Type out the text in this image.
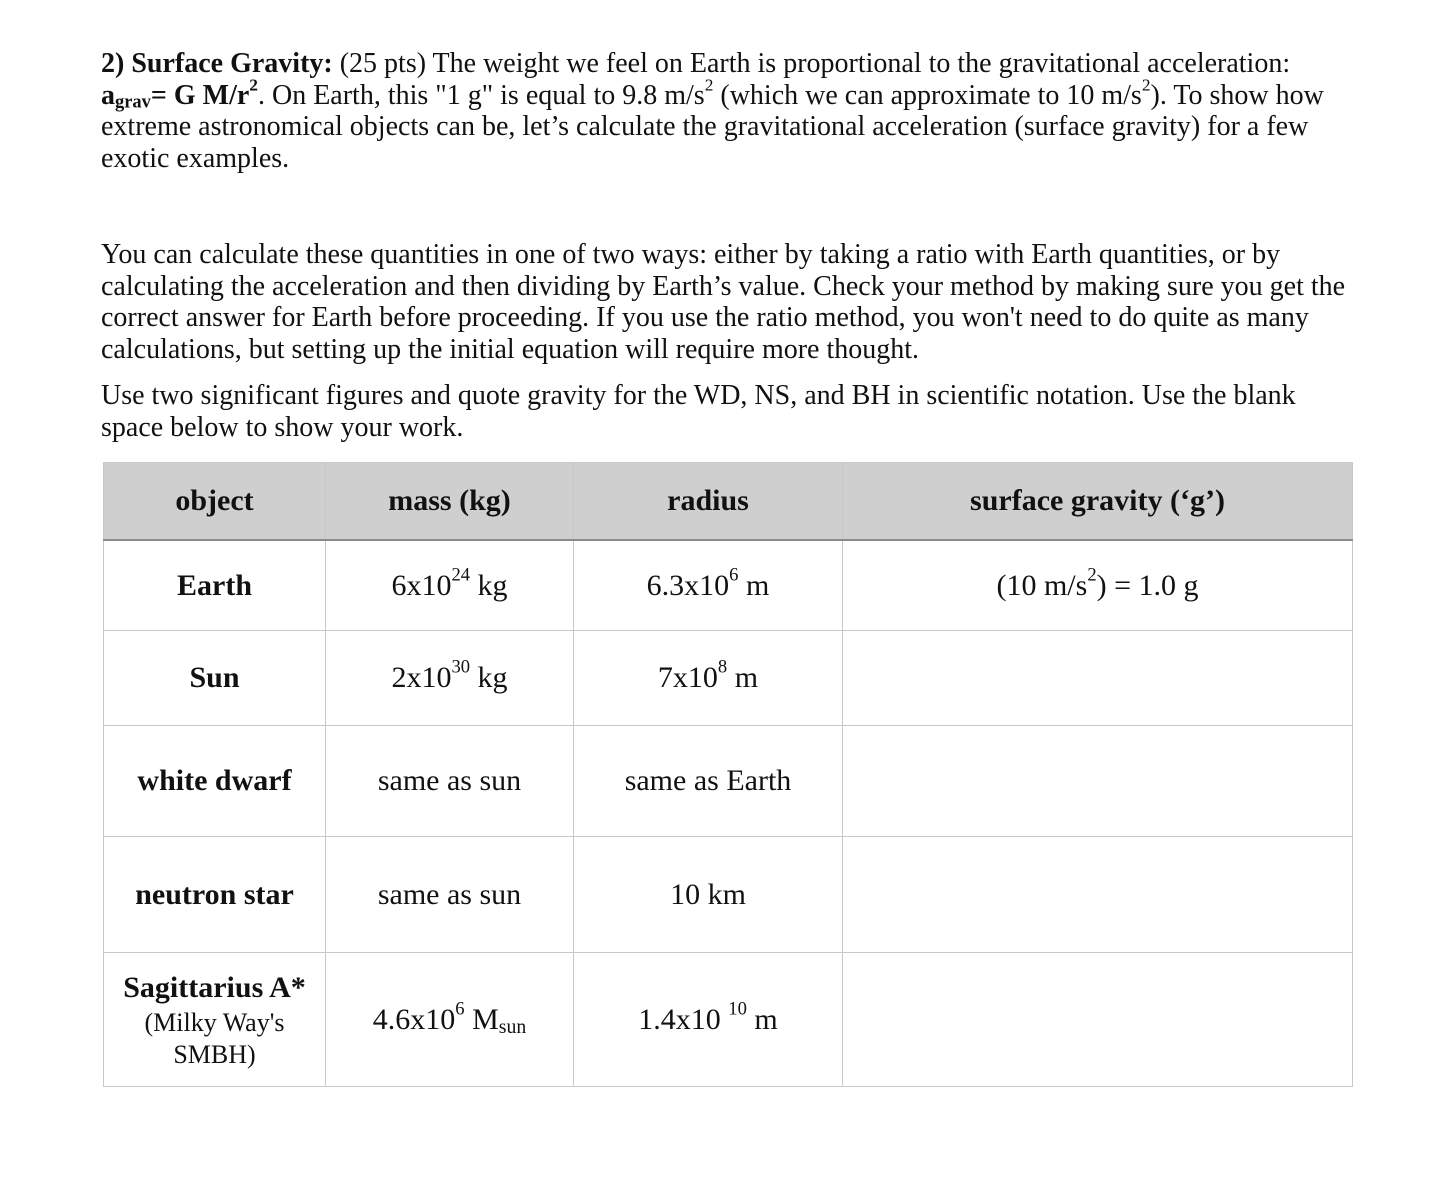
2) Surface Gravity: (25 pts) The weight we feel on Earth is proportional to the gravitational acceleration: $a_{grav}= G$ $M/r^2$. On Earth, this "1 g" is equal to 9.8 $m/s^2$ (which we can approximate to 10 $m/s^2$). To show how extreme astronomical objects can be, let’s calculate the gravitational acceleration (surface gravity) for a few exotic examples.

You can calculate these quantities in one of two ways: either by taking a ratio with Earth quantities, or by calculating the acceleration and then dividing by Earth’s value. Check your method by making sure you get the correct answer for Earth before proceeding. If you use the ratio method, you won't need to do quite as many calculations, but setting up the initial equation will require more thought.

Use two significant figures and quote gravity for the WD, NS, and BH in scientific notation. Use the blank space below to show your work.

object	mass (kg)	radius	surface gravity (‘g’)
Earth	$6x10^{24}$ kg	$6.3x10^6$ m	(10 $m/s^2) = 1.0$ g
Sun	$2x10^{30}$ kg	$7x10^8$ m	
white dwarf	same as sun	same as Earth	
neutron star	same as sun	10 km	

Sagittarius A*
(Milky Way's
SMBH)	$4.6x10^6$ $M_{sun}$	1.4x10 $^{10}$ m	
